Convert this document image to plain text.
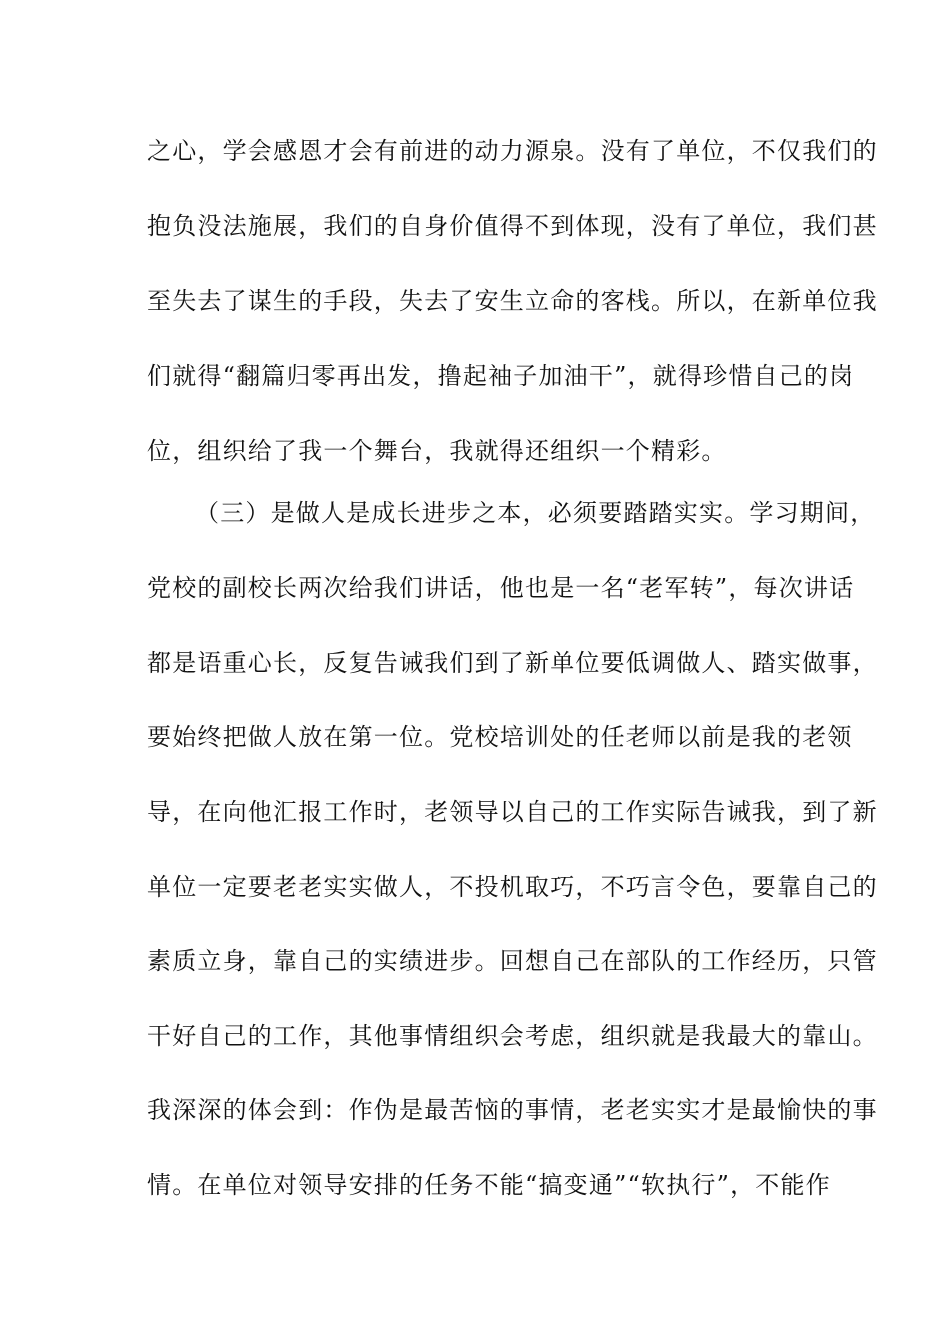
之心，学会感恩才会有前进的动力源泉。没有了单位，不仅我们的
抱负没法施展，我们的自身价值得不到体现，没有了单位，我们甚
至失去了谋生的手段，失去了安生立命的客栈。所以，在新单位我
们就得“翻篇归零再出发，撸起袖子加油干”，就得珍惜自己的岗
位，组织给了我一个舞台，我就得还组织一个精彩。
（三）是做人是成长进步之本，必须要踏踏实实。学习期间，
党校的副校长两次给我们讲话，他也是一名“老军转”，每次讲话
都是语重心长，反复告诫我们到了新单位要低调做人、踏实做事，
要始终把做人放在第一位。党校培训处的任老师以前是我的老领
导，在向他汇报工作时，老领导以自己的工作实际告诫我，到了新
单位一定要老老实实做人，不投机取巧，不巧言令色，要靠自己的
素质立身，靠自己的实绩进步。回想自己在部队的工作经历，只管
干好自己的工作，其他事情组织会考虑，组织就是我最大的靠山。
我深深的体会到：作伪是最苦恼的事情，老老实实才是最愉快的事
情。在单位对领导安排的任务不能“搞变通”“软执行”，不能作
